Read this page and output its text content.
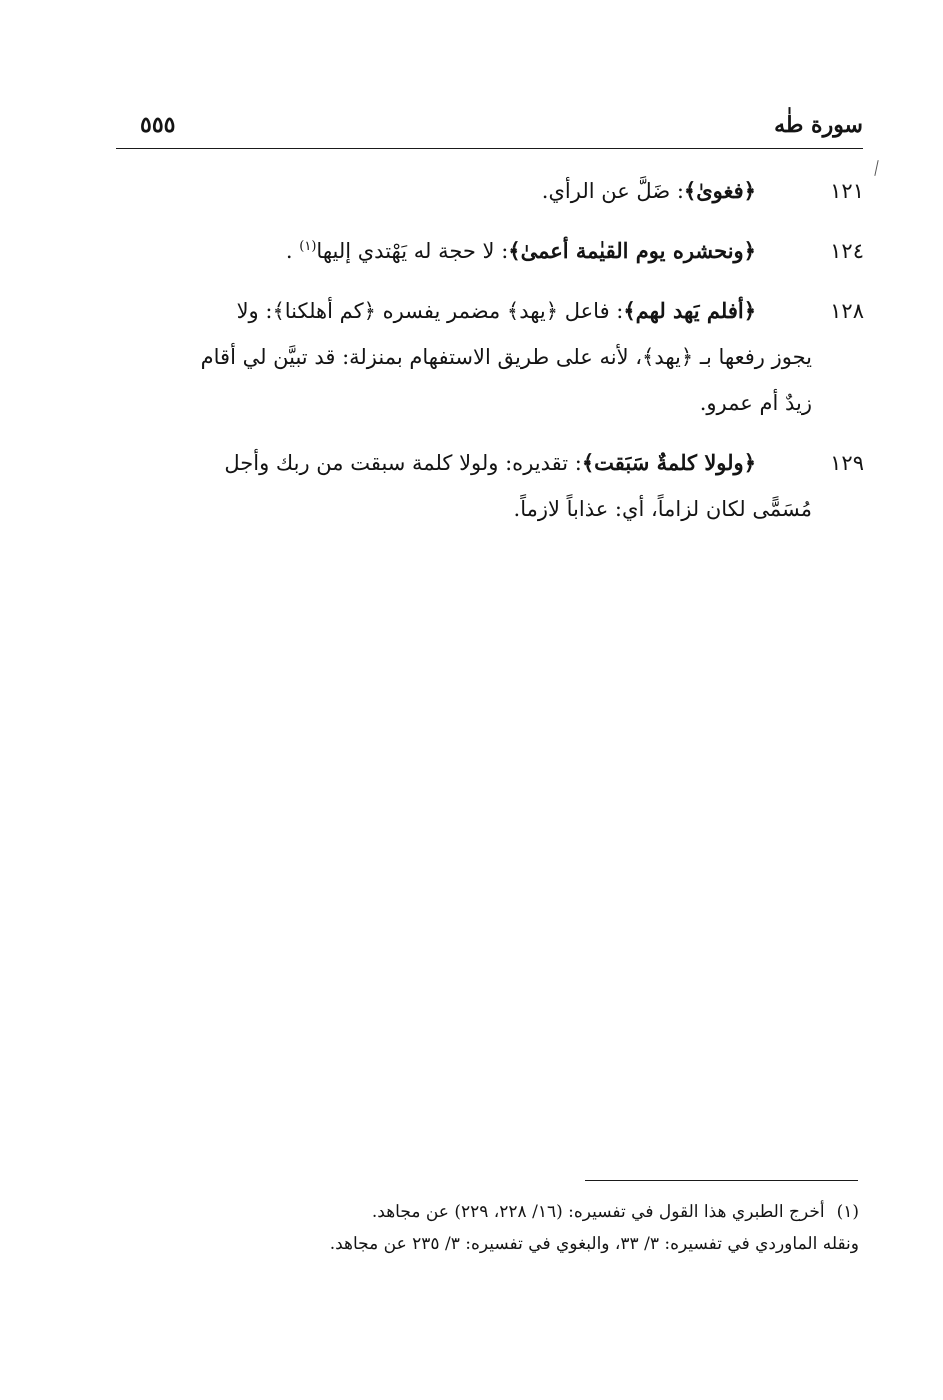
سورة طٰه
٥٥٥
١٢١
﴿فغوىٰ﴾: ضَلَّ عن الرأي.
١٢٤
﴿ونحشره يوم القيٰمة أعمىٰ﴾: لا حجة له يَهْتدي إليها$^{(١)}$ .
١٢٨
﴿أفلم يَهد لهم﴾: فاعل ﴿يهد﴾ مضمر يفسره ﴿كم أهلكنا﴾: ولا
يجوز رفعها بـ ﴿يهد﴾، لأنه على طريق الاستفهام بمنزلة: قد تبيَّن لي أقام
زيدٌ أم عمرو.
١٢٩
﴿ولولا كلمةٌ سَبَقت﴾: تقديره: ولولا كلمة سبقت من ربك وأجل
مُسَمًّى لكان لزاماً، أي: عذاباً لازماً.
(١)أخرج الطبري هذا القول في تفسيره: (١٦/ ٢٢٨، ٢٢٩) عن مجاهد.
ونقله الماوردي في تفسيره: ٣/ ٣٣، والبغوي في تفسيره: ٣/ ٢٣٥ عن مجاهد.
